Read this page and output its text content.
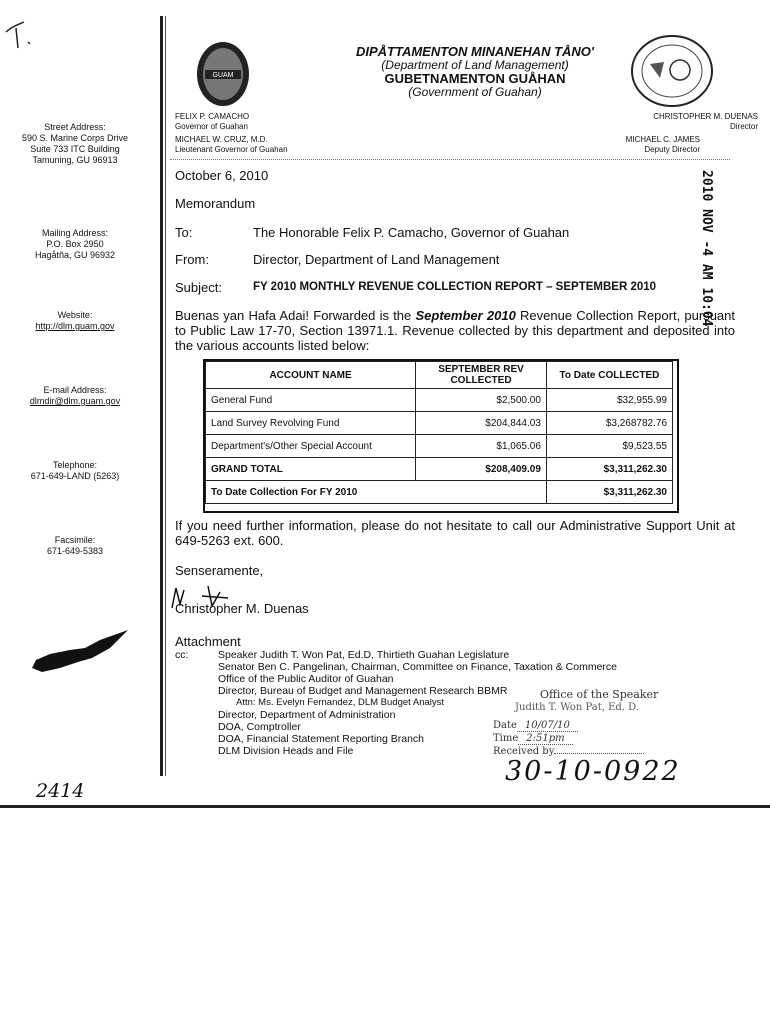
Street Address:
590 S. Marine Corps Drive
Suite 733 ITC Building
Tamuning, GU 96913
Mailing Address:
P.O. Box 2950
Hagåtña, GU 96932
Website:
http://dlm.guam.gov
E-mail Address:
dlmdir@dlm.guam.gov
Telephone:
671-649-LAND (5263)
Facsimile:
671-649-5383
GUAM
DIPÅTTAMENTON MINANEHAN TÅNO'
(Department of Land Management)
GUBETNAMENTON GUÅHAN
(Government of Guahan)
FELIX P. CAMACHO
Governor of Guahan
MICHAEL W. CRUZ, M.D.
Lieutenant Governor of Guahan
CHRISTOPHER M. DUENAS
Director
MICHAEL C. JAMES
Deputy Director
2010 NOV -4 AM 10:04
October 6, 2010
Memorandum
To:	The Honorable Felix P. Camacho, Governor of Guahan
From:	Director, Department of Land Management
Subject:	FY 2010 MONTHLY REVENUE COLLECTION REPORT – SEPTEMBER 2010
Buenas yan Hafa Adai! Forwarded is the September 2010 Revenue Collection Report, pursuant to Public Law 17-70, Section 13971.1. Revenue collected by this department and deposited into the various accounts listed below:
ACCOUNT NAME	SEPTEMBER REV COLLECTED	To Date COLLECTED
General Fund	$2,500.00	$32,955.99
Land Survey Revolving Fund	$204,844.03	$3,268782.76
Department's/Other Special Account	$1,065.06	$9,523.55
GRAND TOTAL	$208,409.09	$3,311,262.30
To Date Collection For FY 2010		$3,311,262.30
If you need further information, please do not hesitate to call our Administrative Support Unit at 649-5263 ext. 600.
Senseramente,
Christopher M. Duenas
Attachment
cc:	Speaker Judith T. Won Pat, Ed.D, Thirtieth Guahan Legislature
Senator Ben C. Pangelinan, Chairman, Committee on Finance, Taxation & Commerce
Office of the Public Auditor of Guahan
Director, Bureau of Budget and Management Research BBMR
Attn: Ms. Evelyn Fernandez, DLM Budget Analyst
Director, Department of Administration
DOA, Comptroller
DOA, Financial Statement Reporting Branch
DLM Division Heads and File
Office of the Speaker
Judith T. Won Pat, Ed. D.
Date 10/07/10
Time 2:51pm
Received by
30-10-0922
2414
